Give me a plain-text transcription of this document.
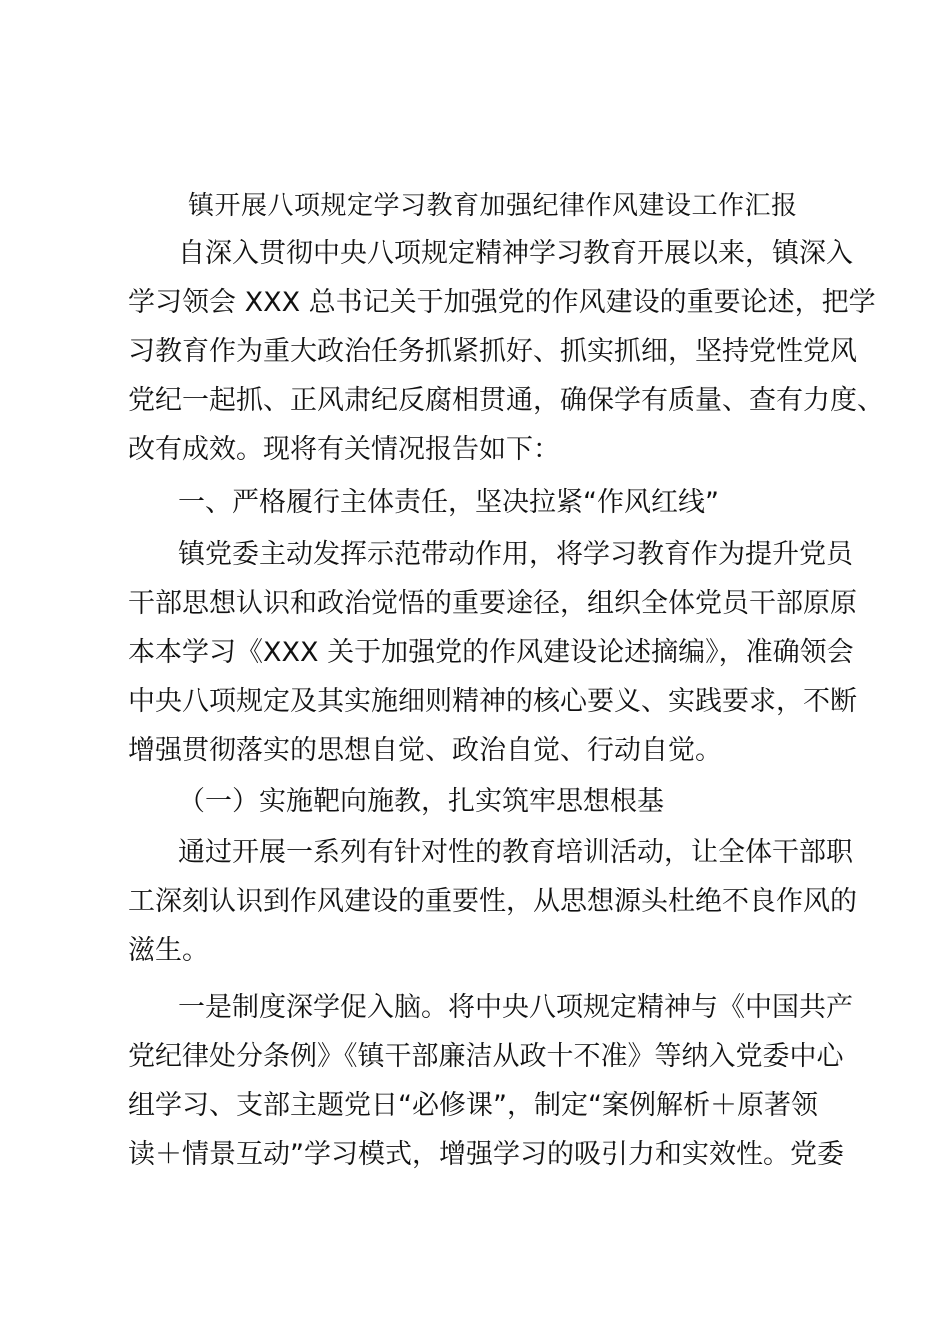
镇开展八项规定学习教育加强纪律作风建设工作汇报
自深入贯彻中央八项规定精神学习教育开展以来，镇深入
学习领会 XXX 总书记关于加强党的作风建设的重要论述，把学
习教育作为重大政治任务抓紧抓好、抓实抓细，坚持党性党风
党纪一起抓、正风肃纪反腐相贯通，确保学有质量、查有力度、
改有成效。现将有关情况报告如下：
一、严格履行主体责任，坚决拉紧“作风红线”
镇党委主动发挥示范带动作用，将学习教育作为提升党员
干部思想认识和政治觉悟的重要途径，组织全体党员干部原原
本本学习《XXX 关于加强党的作风建设论述摘编》，准确领会
中央八项规定及其实施细则精神的核心要义、实践要求，不断
增强贯彻落实的思想自觉、政治自觉、行动自觉。
（一）实施靶向施教，扎实筑牢思想根基
通过开展一系列有针对性的教育培训活动，让全体干部职
工深刻认识到作风建设的重要性，从思想源头杜绝不良作风的
滋生。
一是制度深学促入脑。将中央八项规定精神与《中国共产
党纪律处分条例》《镇干部廉洁从政十不准》等纳入党委中心
组学习、支部主题党日“必修课”，制定“案例解析＋原著领
读＋情景互动”学习模式，增强学习的吸引力和实效性。党委
